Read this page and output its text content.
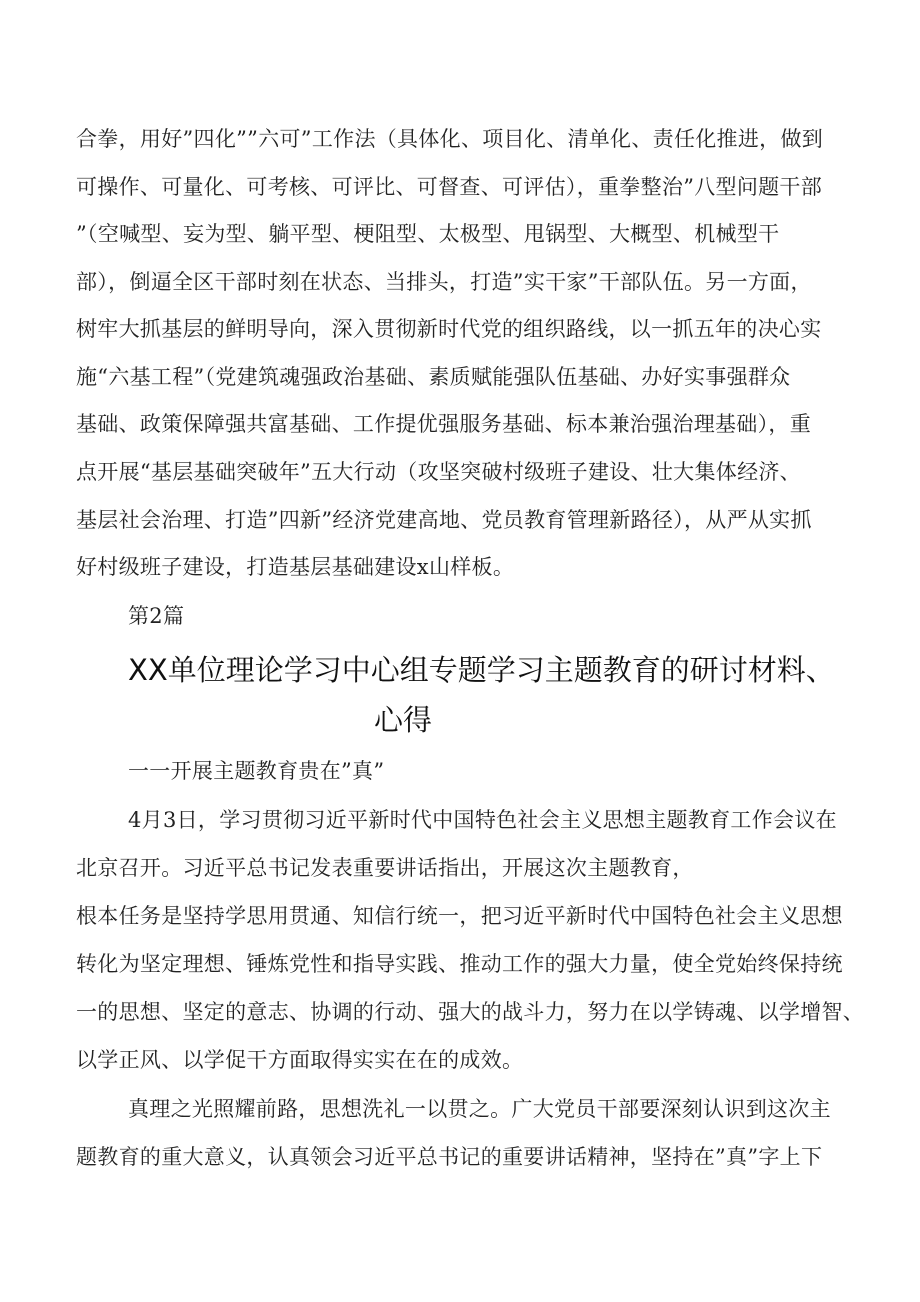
合拳，用好”四化””六可”工作法（具体化、项目化、清单化、责任化推进，做到
可操作、可量化、可考核、可评比、可督查、可评估），重拳整治”八型问题干部
”（空喊型、妄为型、躺平型、梗阻型、太极型、甩锅型、大概型、机械型干
部），倒逼全区干部时刻在状态、当排头，打造”实干家”干部队伍。另一方面，
树牢大抓基层的鲜明导向，深入贯彻新时代党的组织路线，以一抓五年的决心实
施“六基工程”（党建筑魂强政治基础、素质赋能强队伍基础、办好实事强群众
基础、政策保障强共富基础、工作提优强服务基础、标本兼治强治理基础），重
点开展“基层基础突破年”五大行动（攻坚突破村级班子建设、壮大集体经济、
基层社会治理、打造”四新”经济党建高地、党员教育管理新路径），从严从实抓
好村级班子建设，打造基层基础建设x山样板。
第2篇
XX单位理论学习中心组专题学习主题教育的研讨材料、
心得
一一开展主题教育贵在”真”
4月3日，学习贯彻习近平新时代中国特色社会主义思想主题教育工作会议在
北京召开。习近平总书记发表重要讲话指出，开展这次主题教育，
根本任务是坚持学思用贯通、知信行统一，把习近平新时代中国特色社会主义思想
转化为坚定理想、锤炼党性和指导实践、推动工作的强大力量，使全党始终保持统
一的思想、坚定的意志、协调的行动、强大的战斗力，努力在以学铸魂、以学增智、
以学正风、以学促干方面取得实实在在的成效。
真理之光照耀前路，思想洗礼一以贯之。广大党员干部要深刻认识到这次主
题教育的重大意义，认真领会习近平总书记的重要讲话精神，坚持在”真”字上下
